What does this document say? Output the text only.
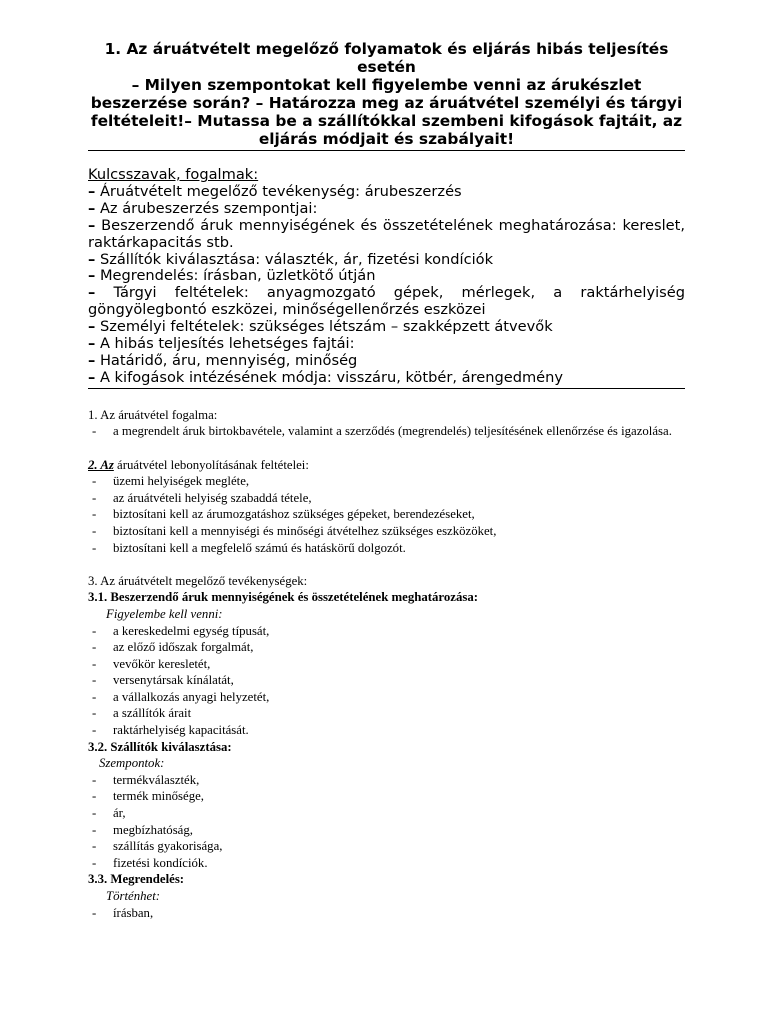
1. Az áruátvételt megelőző folyamatok és eljárás hibás teljesítés
esetén
– Milyen szempontokat kell figyelembe venni az árukészlet
beszerzése során? – Határozza meg az áruátvétel személyi és tárgyi
feltételeit!– Mutassa be a szállítókkal szembeni kifogások fajtáit, az
eljárás módjait és szabályait!
Kulcsszavak, fogalmak:
– Áruátvételt megelőző tevékenység: árubeszerzés
– Az árubeszerzés szempontjai:
– Beszerzendő áruk mennyiségének és összetételének meghatározása: kereslet, raktárkapacitás stb.
– Szállítók kiválasztása: választék, ár, fizetési kondíciók
– Megrendelés: írásban, üzletkötő útján
– Tárgyi feltételek: anyagmozgató gépek, mérlegek, a raktárhelyiség göngyölegbontó eszközei, minőségellenőrzés eszközei
– Személyi feltételek: szükséges létszám – szakképzett átvevők
– A hibás teljesítés lehetséges fajtái:
– Határidő, áru, mennyiség, minőség
– A kifogások intézésének módja: visszáru, kötbér, árengedmény

1. Az áruátvétel fogalma:

- a megrendelt áruk birtokbavétele, valamint a szerződés (megrendelés) teljesítésének ellenőrzése és igazolása.

2. Az áruátvétel lebonyolításának feltételei:

- üzemi helyiségek megléte,
- az áruátvételi helyiség szabaddá tétele,
- biztosítani kell az árumozgatáshoz szükséges gépeket, berendezéseket,
- biztosítani kell a mennyiségi és minőségi átvételhez szükséges eszközöket,
- biztosítani kell a megfelelő számú és hatáskörű dolgozót.

3. Az áruátvételt megelőző tevékenységek:

3.1. Beszerzendő áruk mennyiségének és összetételének meghatározása:

Figyelembe kell venni:

- a kereskedelmi egység típusát,
- az előző időszak forgalmát,
- vevőkör keresletét,
- versenytársak kínálatát,
- a vállalkozás anyagi helyzetét,
- a szállítók árait
- raktárhelyiség kapacitását.

3.2. Szállítók kiválasztása:

Szempontok:

- termékválaszték,
- termék minősége,
- ár,
- megbízhatóság,
- szállítás gyakorisága,
- fizetési kondíciók.

3.3. Megrendelés:

Történhet:

- írásban,
